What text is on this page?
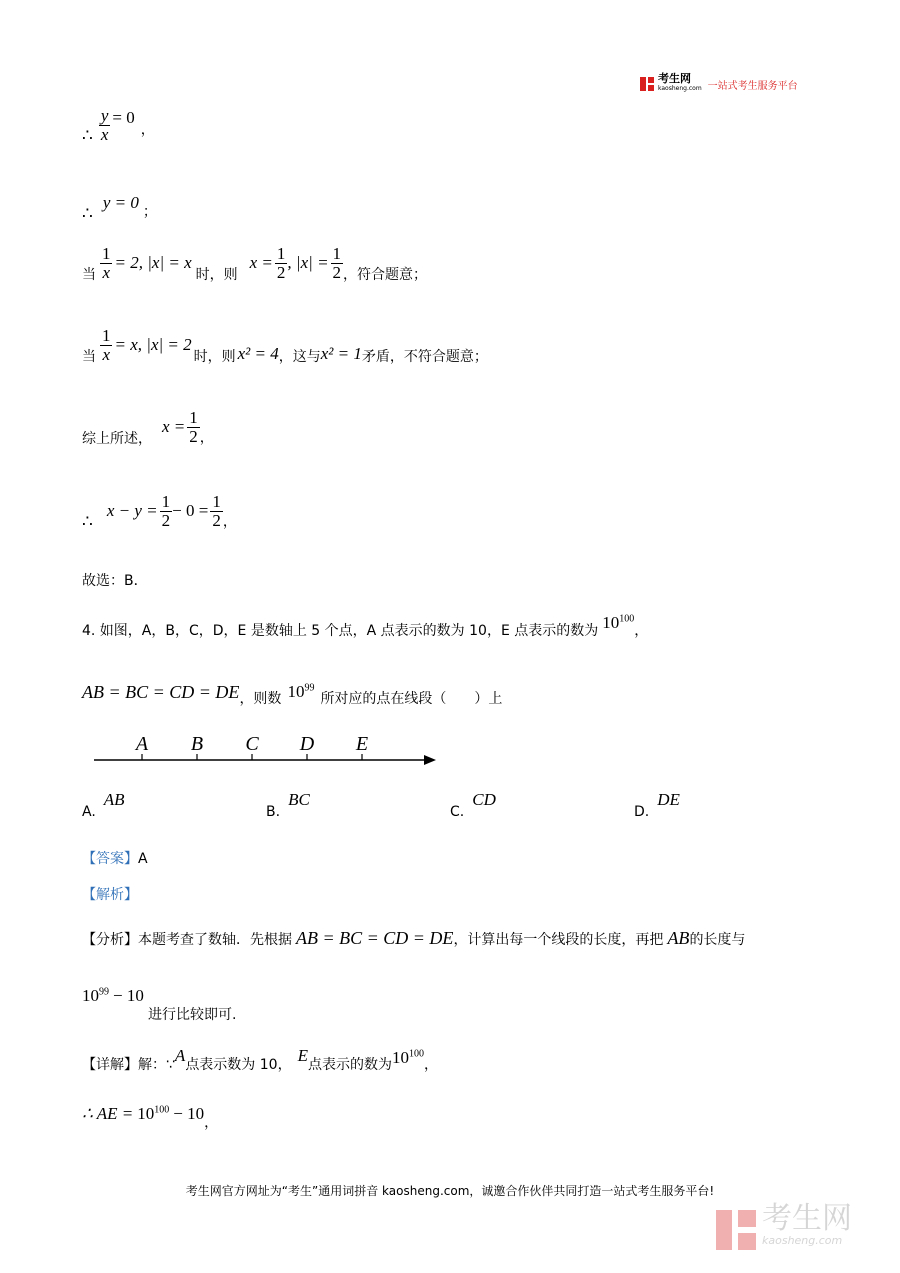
考生网
kaosheng.com 一站式考生服务平台
∴ $\frac{y}{x} = 0$
，
∴
y = 0 ；
当 $\frac{1}{x} = 2$, |x| = x
时，则
$x = \frac{1}{2}$ , $|x| = \frac{1}{2}$ ，符合题意；
当 $\frac{1}{x} = x$, |x| = 2
时，则 x² = 4 ，这与 x² = 1 矛盾，不符合题意；
综上所述，
$x = \frac{1}{2}$ ，
∴
$x - y = \frac{1}{2} - 0 = \frac{1}{2}$ ，
故选：B．
4. 如图，A，B，C，D，E 是数轴上 5 个点，A 点表示的数为 10，E 点表示的数为 $10^{100}$
，
AB = BC = CD = DE ，则数 $10^{99}$
所对应的点在线段（　　）上
A B C D E
A.
AB
B.
BC
C.
CD
D.
DE
【答案】A
【解析】
【分析】 本题考查了数轴．先根据 AB = BC = CD = DE ，计算出每一个线段的长度，再把 AB 的长度与
$10^{99} - 10$
进行比较即可.
【详解】 解：∵ A 点表示数为 10， E 点表示的数为 $10^{100}$
，
∴ AE = $10^{100} - 10$ ，
考生网官方网址为“考生”通用词拼音 kaosheng.com，诚邀合作伙伴共同打造一站式考生服务平台!
考生网
kaosheng.com
